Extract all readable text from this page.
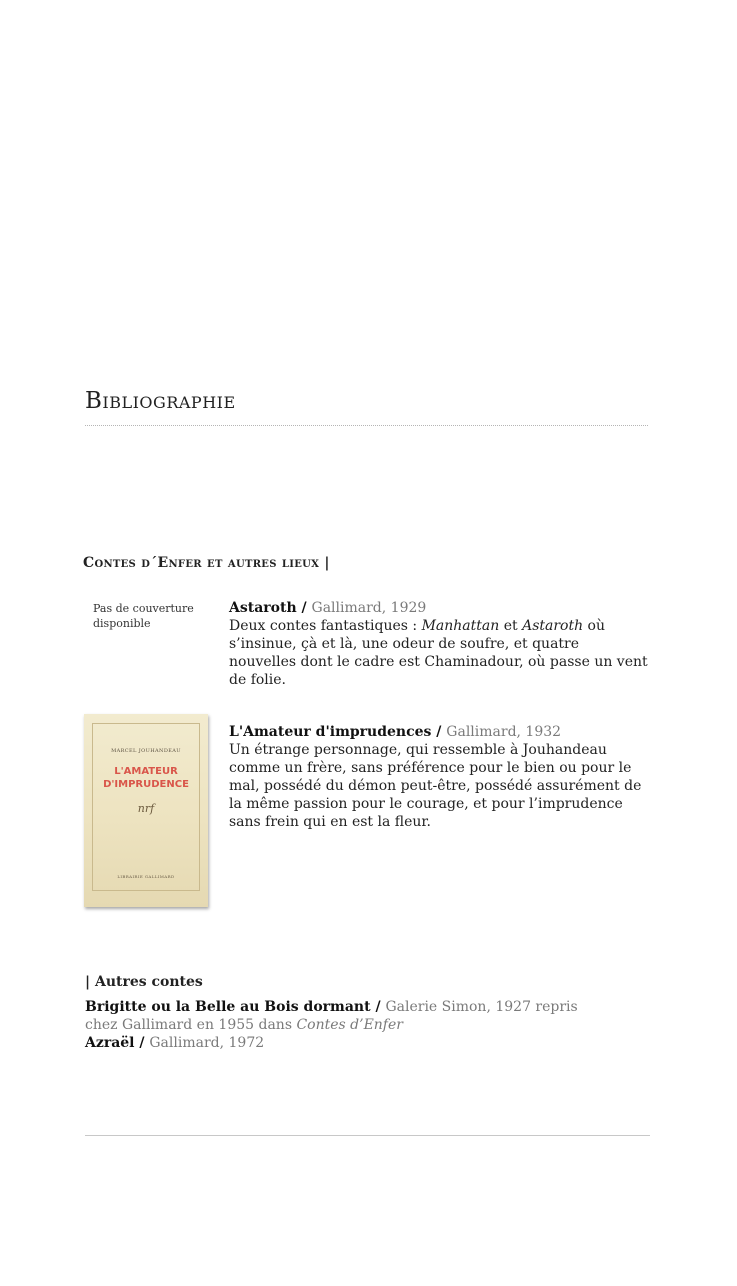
Bibliographie
Contes d´Enfer et autres lieux |
Pas de couverture disponible
Astaroth / Gallimard, 1929
Deux contes fantastiques : Manhattan et Astaroth où s’insinue, çà et là, une odeur de soufre, et quatre nouvelles dont le cadre est Chaminadour, où passe un vent de folie.
MARCEL JOUHANDEAU
L'AMATEUR
D'IMPRUDENCE
nrf
LIBRAIRIE GALLIMARD
L'Amateur d'imprudences / Gallimard, 1932
Un étrange personnage, qui ressemble à Jouhandeau comme un frère, sans préférence pour le bien ou pour le mal, possédé du démon peut-être, possédé assurément de la même passion pour le courage, et pour l’imprudence sans frein qui en est la fleur.
| Autres contes
Brigitte ou la Belle au Bois dormant / Galerie Simon, 1927 repris chez Gallimard en 1955 dans Contes d’Enfer
Azraël / Gallimard, 1972
